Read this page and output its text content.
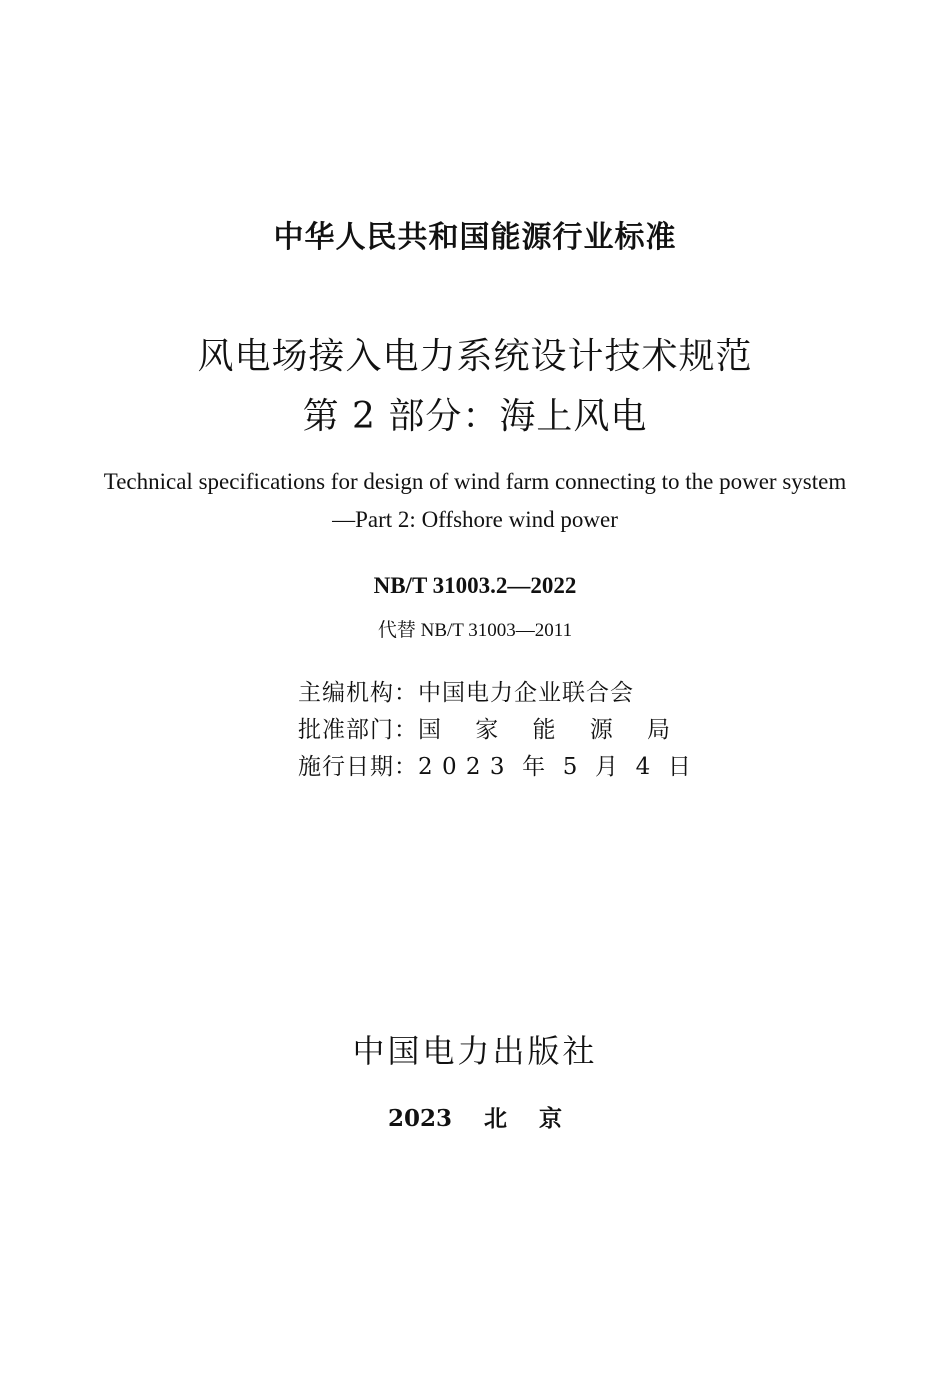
中华人民共和国能源行业标准
风电场接入电力系统设计技术规范
第 2 部分：海上风电
Technical specifications for design of wind farm connecting to the power system
—Part 2: Offshore wind power
NB/T 31003.2—2022
代替 NB/T 31003—2011
主编机构：中国电力企业联合会
批准部门：国    家    能    源    局
施行日期：2 0 2 3  年  5  月  4  日
中国电力出版社
2023    北    京
